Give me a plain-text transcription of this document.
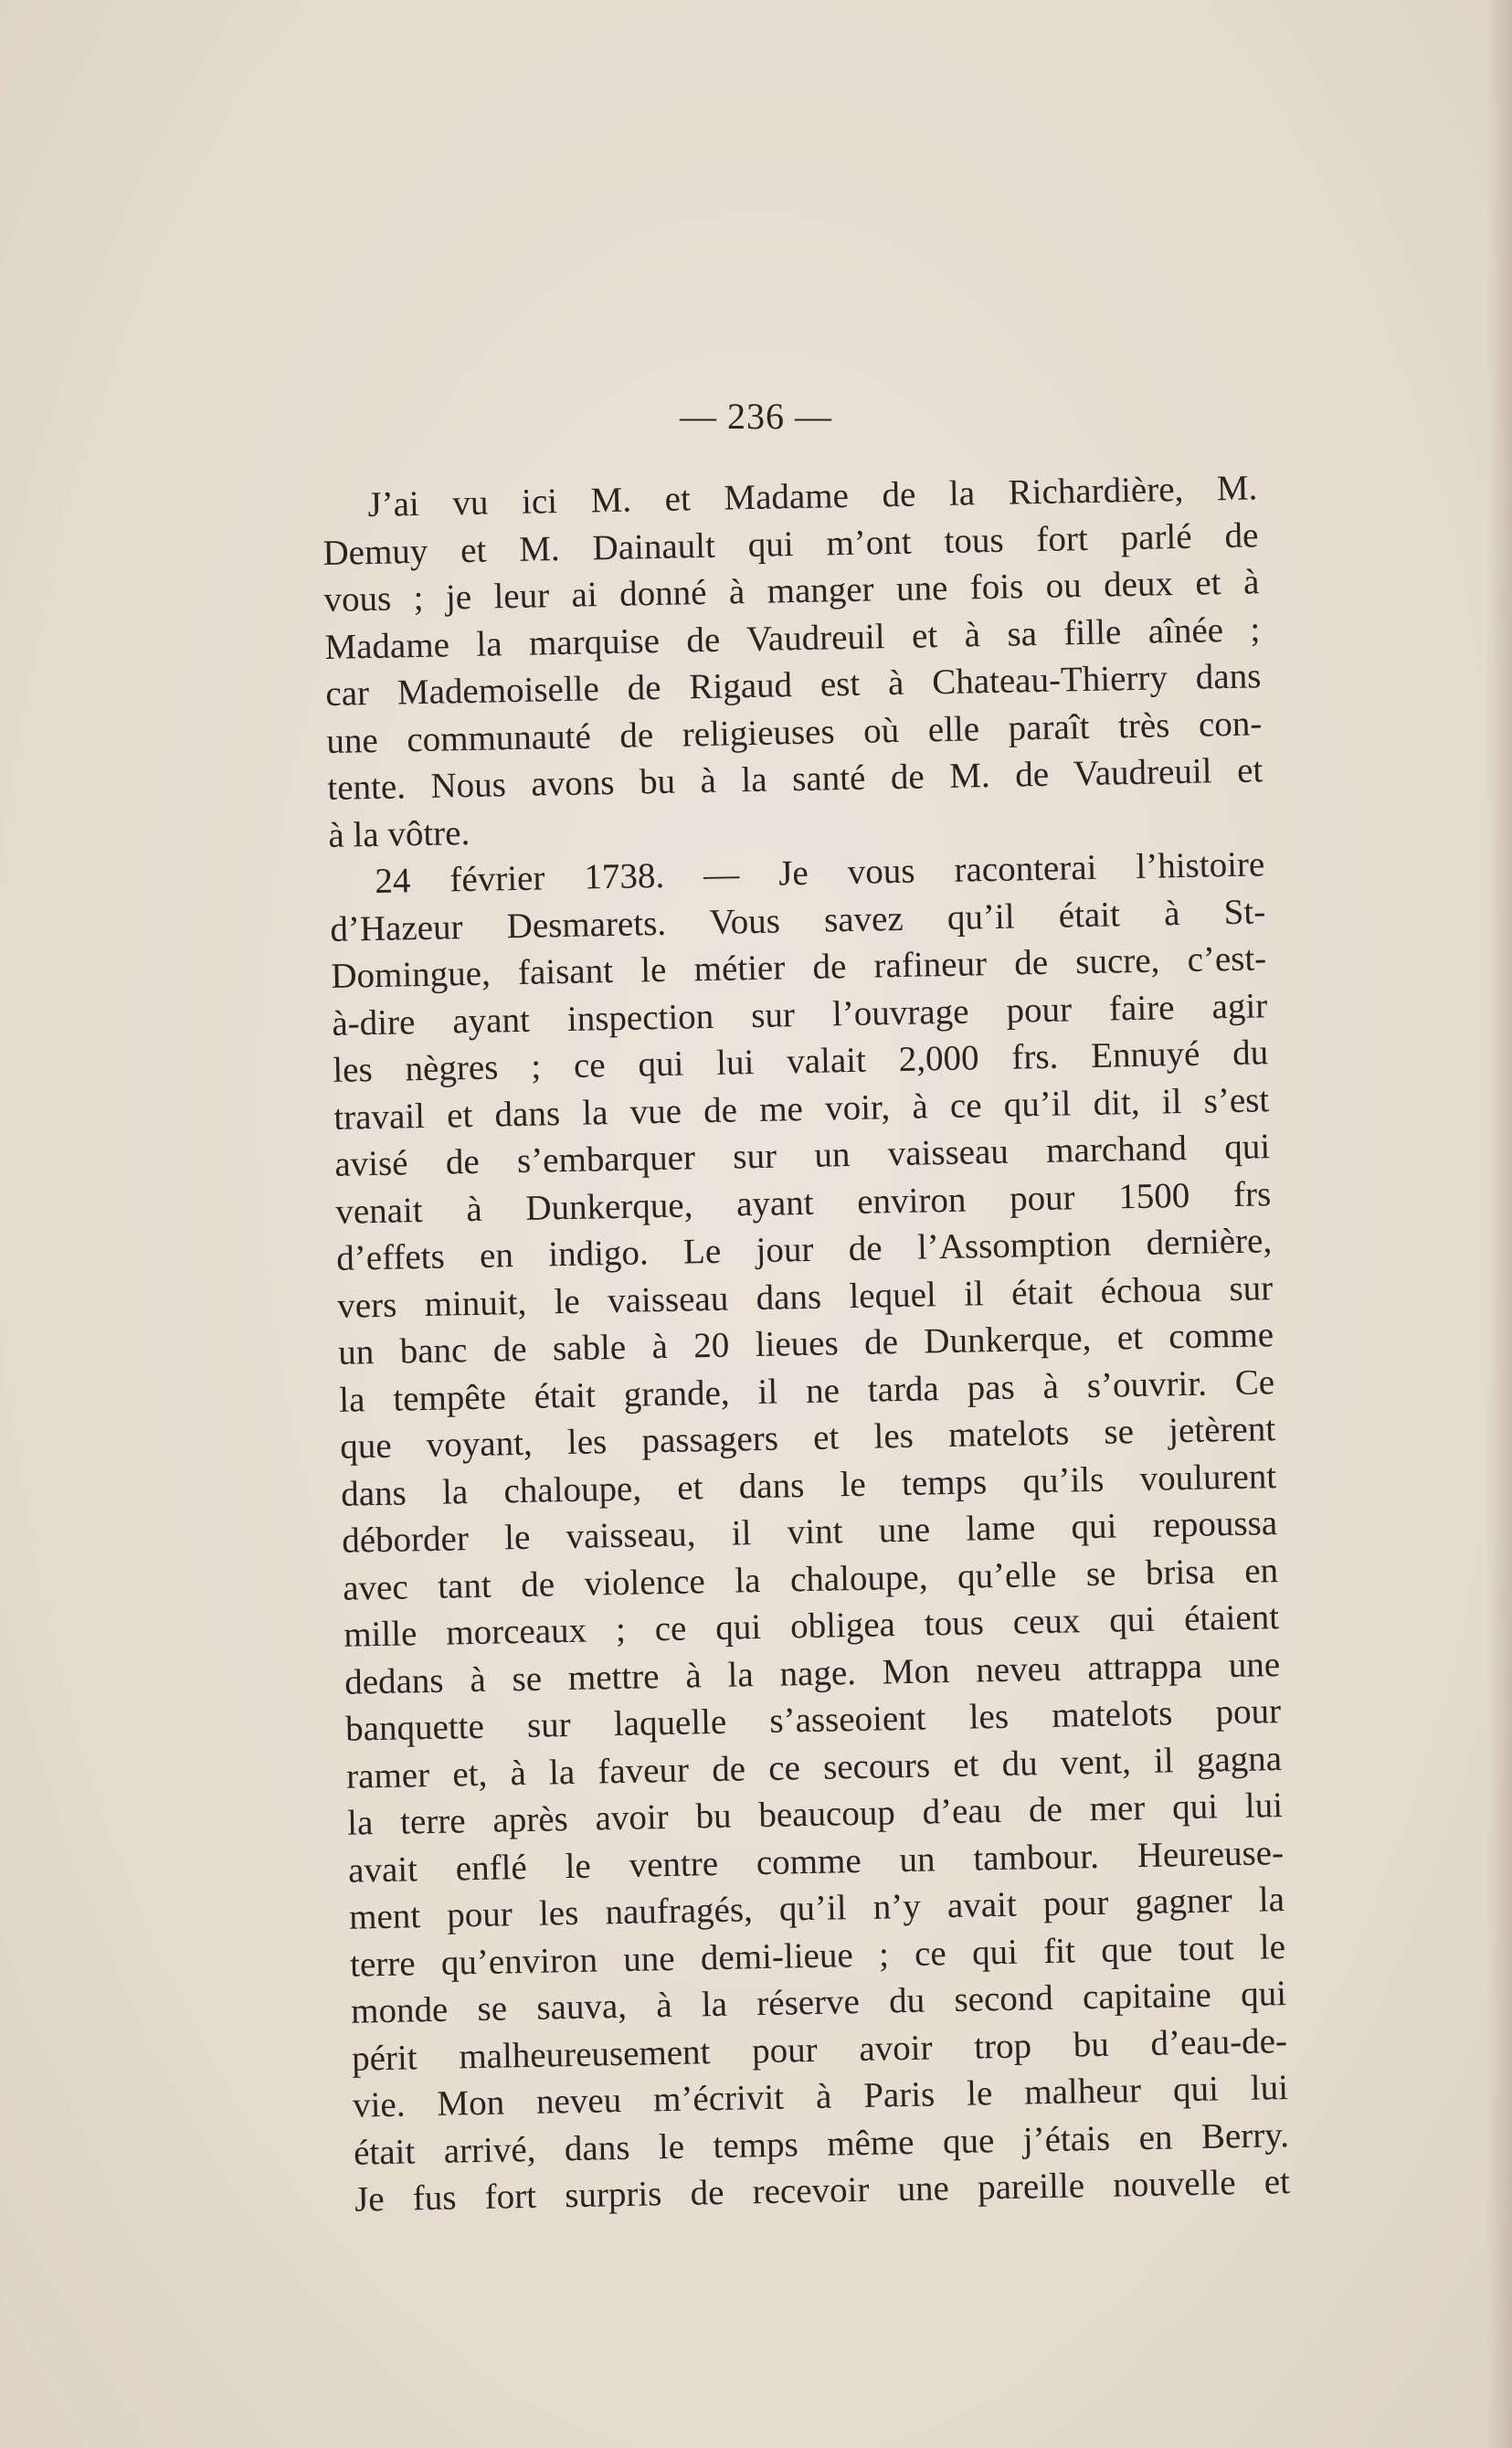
— 236 —
J’ai vu ici M. et Madame de la Richardière, M.
Demuy et M. Dainault qui m’ont tous fort parlé de
vous ; je leur ai donné à manger une fois ou deux et à
Madame la marquise de Vaudreuil et à sa fille aînée ;
car Mademoiselle de Rigaud est à Chateau-Thierry dans
une communauté de religieuses où elle paraît très con-
tente. Nous avons bu à la santé de M. de Vaudreuil et
à la vôtre.
24 février 1738. — Je vous raconterai l’histoire
d’Hazeur Desmarets. Vous savez qu’il était à St-
Domingue, faisant le métier de rafineur de sucre, c’est-
à-dire ayant inspection sur l’ouvrage pour faire agir
les nègres ; ce qui lui valait 2,000 frs. Ennuyé du
travail et dans la vue de me voir, à ce qu’il dit, il s’est
avisé de s’embarquer sur un vaisseau marchand qui
venait à Dunkerque, ayant environ pour 1500 frs
d’effets en indigo. Le jour de l’Assomption dernière,
vers minuit, le vaisseau dans lequel il était échoua sur
un banc de sable à 20 lieues de Dunkerque, et comme
la tempête était grande, il ne tarda pas à s’ouvrir. Ce
que voyant, les passagers et les matelots se jetèrent
dans la chaloupe, et dans le temps qu’ils voulurent
déborder le vaisseau, il vint une lame qui repoussa
avec tant de violence la chaloupe, qu’elle se brisa en
mille morceaux ; ce qui obligea tous ceux qui étaient
dedans à se mettre à la nage. Mon neveu attrappa une
banquette sur laquelle s’asseoient les matelots pour
ramer et, à la faveur de ce secours et du vent, il gagna
la terre après avoir bu beaucoup d’eau de mer qui lui
avait enflé le ventre comme un tambour. Heureuse-
ment pour les naufragés, qu’il n’y avait pour gagner la
terre qu’environ une demi-lieue ; ce qui fit que tout le
monde se sauva, à la réserve du second capitaine qui
périt malheureusement pour avoir trop bu d’eau-de-
vie. Mon neveu m’écrivit à Paris le malheur qui lui
était arrivé, dans le temps même que j’étais en Berry.
Je fus fort surpris de recevoir une pareille nouvelle et
